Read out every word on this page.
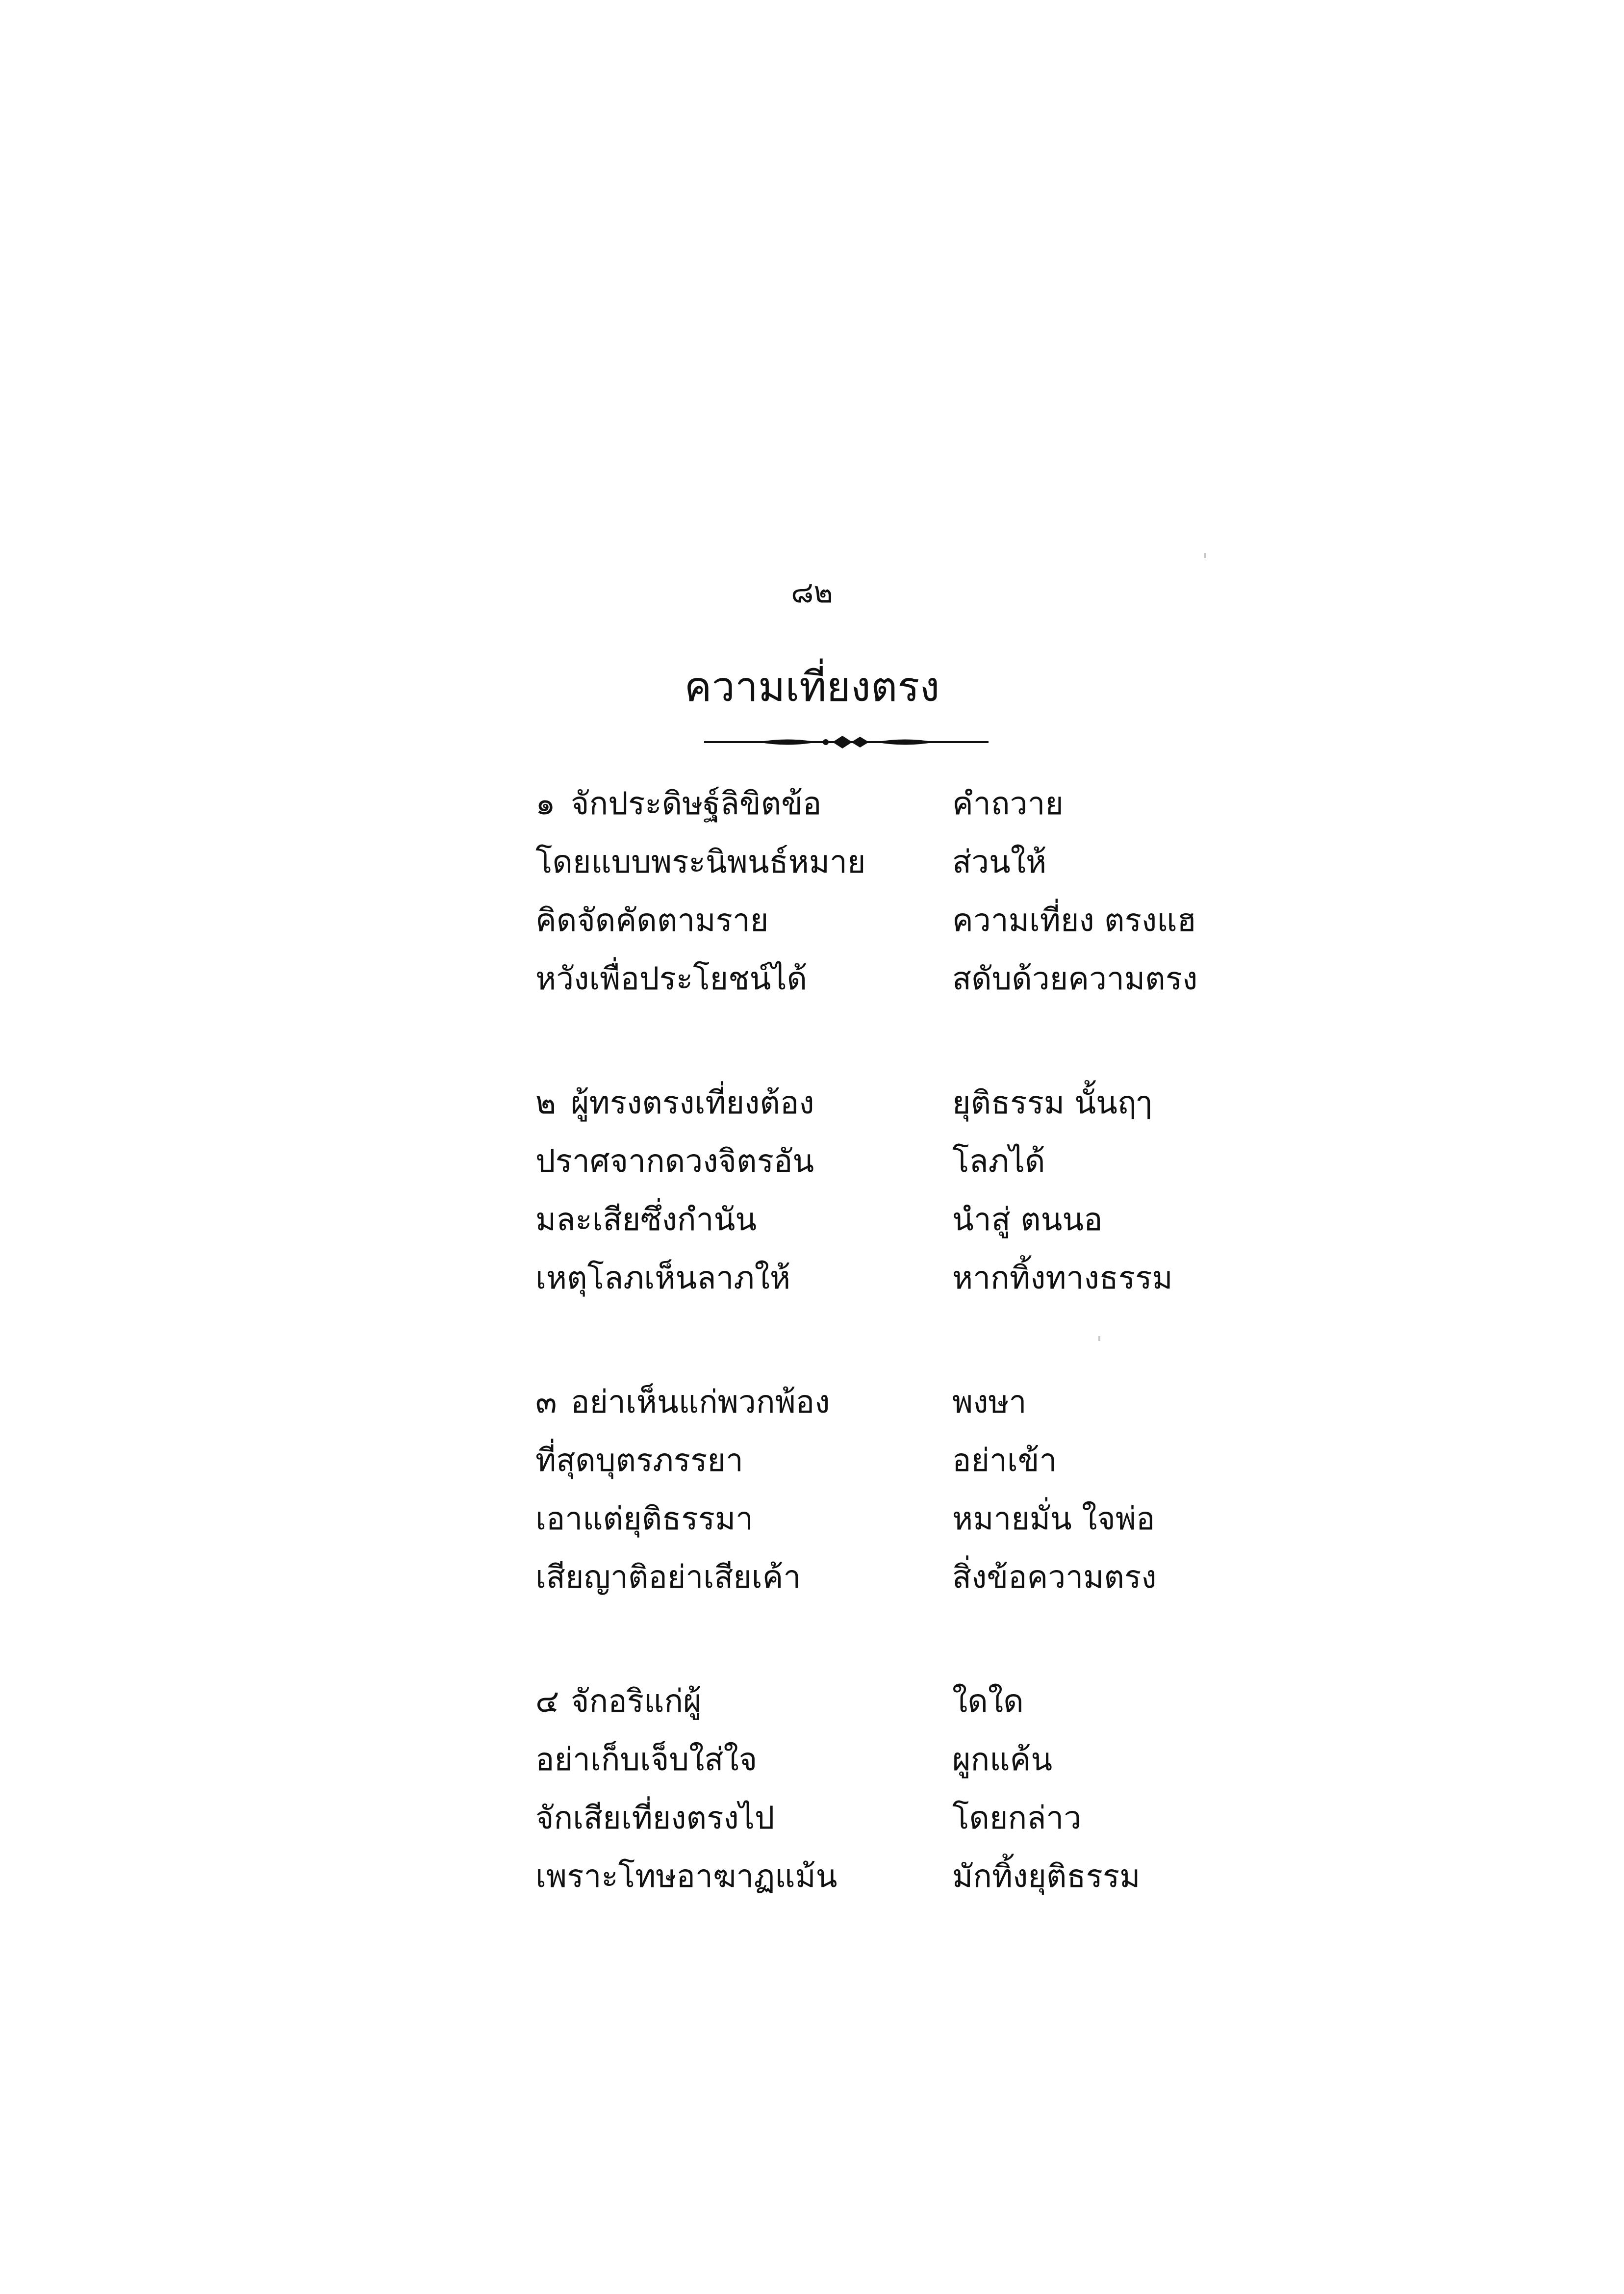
๘๒
ความเที่ยงตรง
๑ จักประดิษฐ์ลิขิตข้อ	คำถวาย
โดยแบบพระนิพนธ์หมาย	ส่วนให้
คิดจัดคัดตามราย	ความเที่ยง ตรงแฮ
หวังเพื่อประโยชน์ได้	สดับด้วยความตรง
๒ ผู้ทรงตรงเที่ยงต้อง	ยุติธรรม นั้นฤๅ
ปราศจากดวงจิตรอัน	โลภได้
มละเสียซึ่งกำนัน	นำสู่ ตนนอ
เหตุโลภเห็นลาภให้	หากทิ้งทางธรรม
๓ อย่าเห็นแก่พวกพ้อง	พงษา
ที่สุดบุตรภรรยา	อย่าเข้า
เอาแต่ยุติธรรมา	หมายมั่น ใจพ่อ
เสียญาติอย่าเสียเค้า	สิ่งข้อความตรง
๔ จักอริแก่ผู้	ใดใด
อย่าเก็บเจ็บใส่ใจ	ผูกแค้น
จักเสียเที่ยงตรงไป	โดยกล่าว
เพราะโทษอาฆาฏแม้น	มักทิ้งยุติธรรม
